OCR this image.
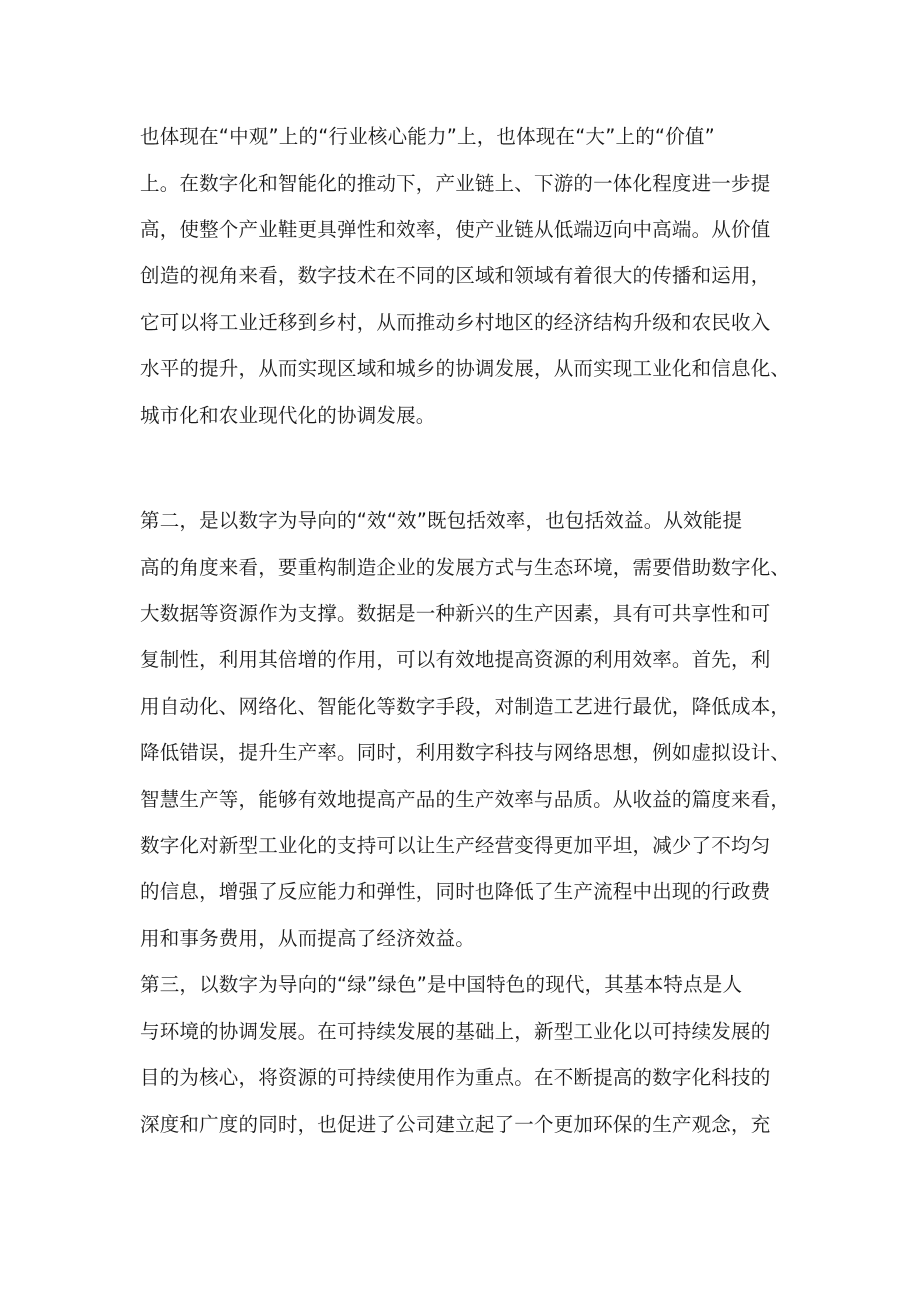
也体现在“中观”上的“行业核心能力”上，也体现在“大”上的“价值”
上。在数字化和智能化的推动下，产业链上、下游的一体化程度进一步提
高，使整个产业鞋更具弹性和效率，使产业链从低端迈向中高端。从价值
创造的视角来看，数字技术在不同的区域和领域有着很大的传播和运用，
它可以将工业迁移到乡村，从而推动乡村地区的经济结构升级和农民收入
水平的提升，从而实现区域和城乡的协调发展，从而实现工业化和信息化、
城市化和农业现代化的协调发展。
第二，是以数字为导向的“效“效”既包括效率，也包括效益。从效能提
高的角度来看，要重构制造企业的发展方式与生态环境，需要借助数字化、
大数据等资源作为支撑。数据是一种新兴的生产因素，具有可共享性和可
复制性，利用其倍增的作用，可以有效地提高资源的利用效率。首先，利
用自动化、网络化、智能化等数字手段，对制造工艺进行最优，降低成本，
降低错误，提升生产率。同时，利用数字科技与网络思想，例如虚拟设计、
智慧生产等，能够有效地提高产品的生产效率与品质。从收益的篇度来看，
数字化对新型工业化的支持可以让生产经营变得更加平坦，减少了不均匀
的信息，增强了反应能力和弹性，同时也降低了生产流程中出现的行政费
用和事务费用，从而提高了经济效益。
第三，以数字为导向的“绿”绿色”是中国特色的现代，其基本特点是人
与环境的协调发展。在可持续发展的基础上，新型工业化以可持续发展的
目的为核心，将资源的可持续使用作为重点。在不断提高的数字化科技的
深度和广度的同时，也促进了公司建立起了一个更加环保的生产观念，充
